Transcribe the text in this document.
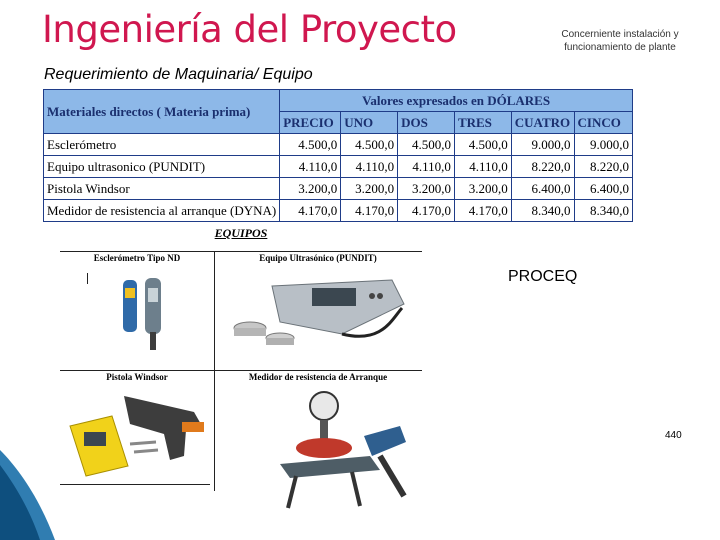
Ingeniería del Proyecto	Concerniente instalación y
funcionamiento de plante
Requerimiento de Maquinaria/ Equipo
Materiales directos ( Materia prima)	Valores expresados en DÓLARES					
	PRECIO	UNO	DOS	TRES	CUATRO	CINCO
Esclerómetro	4.500,0	4.500,0	4.500,0	4.500,0	9.000,0	9.000,0
Equipo ultrasonico (PUNDIT)	4.110,0	4.110,0	4.110,0	4.110,0	8.220,0	8.220,0
Pistola Windsor	3.200,0	3.200,0	3.200,0	3.200,0	6.400,0	6.400,0
Medidor de resistencia al arranque (DYNA)	4.170,0	4.170,0	4.170,0	4.170,0	8.340,0	8.340,0
EQUIPOS
Esclerómetro Tipo ND	Equipo Ultrasónico (PUNDIT)
Pistola Windsor	Medidor de resistencia de Arranque
PROCEQ
440
